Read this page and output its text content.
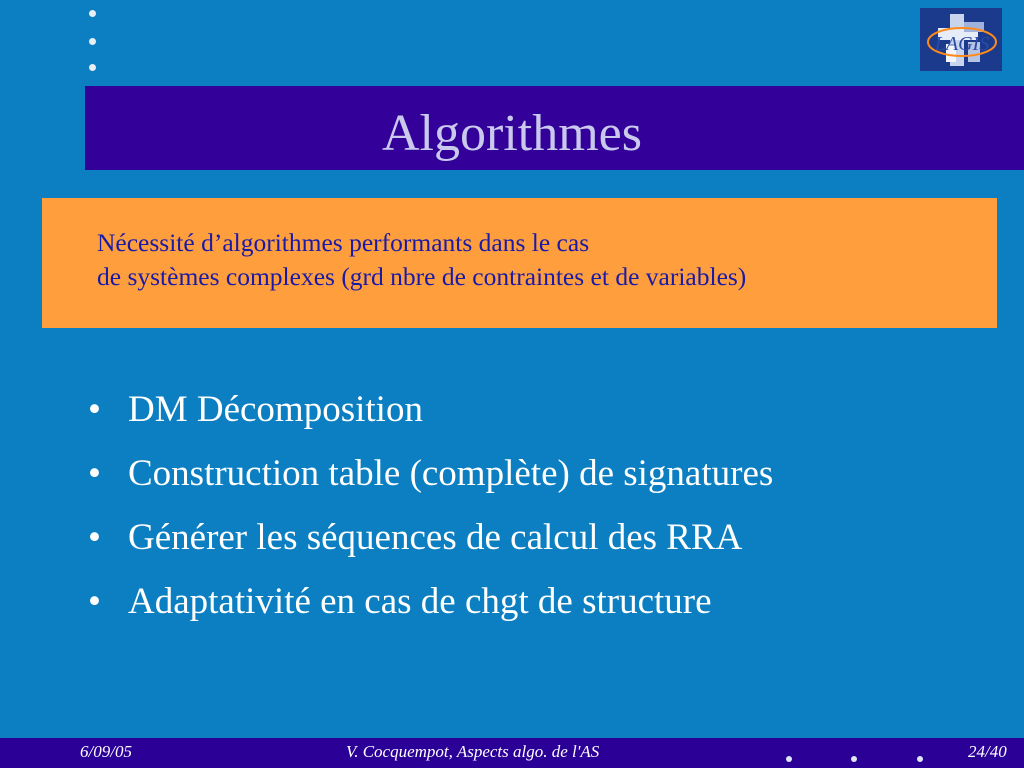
LAGIS
Algorithmes
Nécessité d’algorithmes performants dans le cas
de systèmes complexes (grd nbre de contraintes et de variables)
• DM Décomposition
• Construction table (complète) de signatures
• Générer les séquences de calcul des RRA
• Adaptativité en cas de chgt de structure
6/09/05	V. Cocquempot, Aspects algo. de l'AS	24/40
